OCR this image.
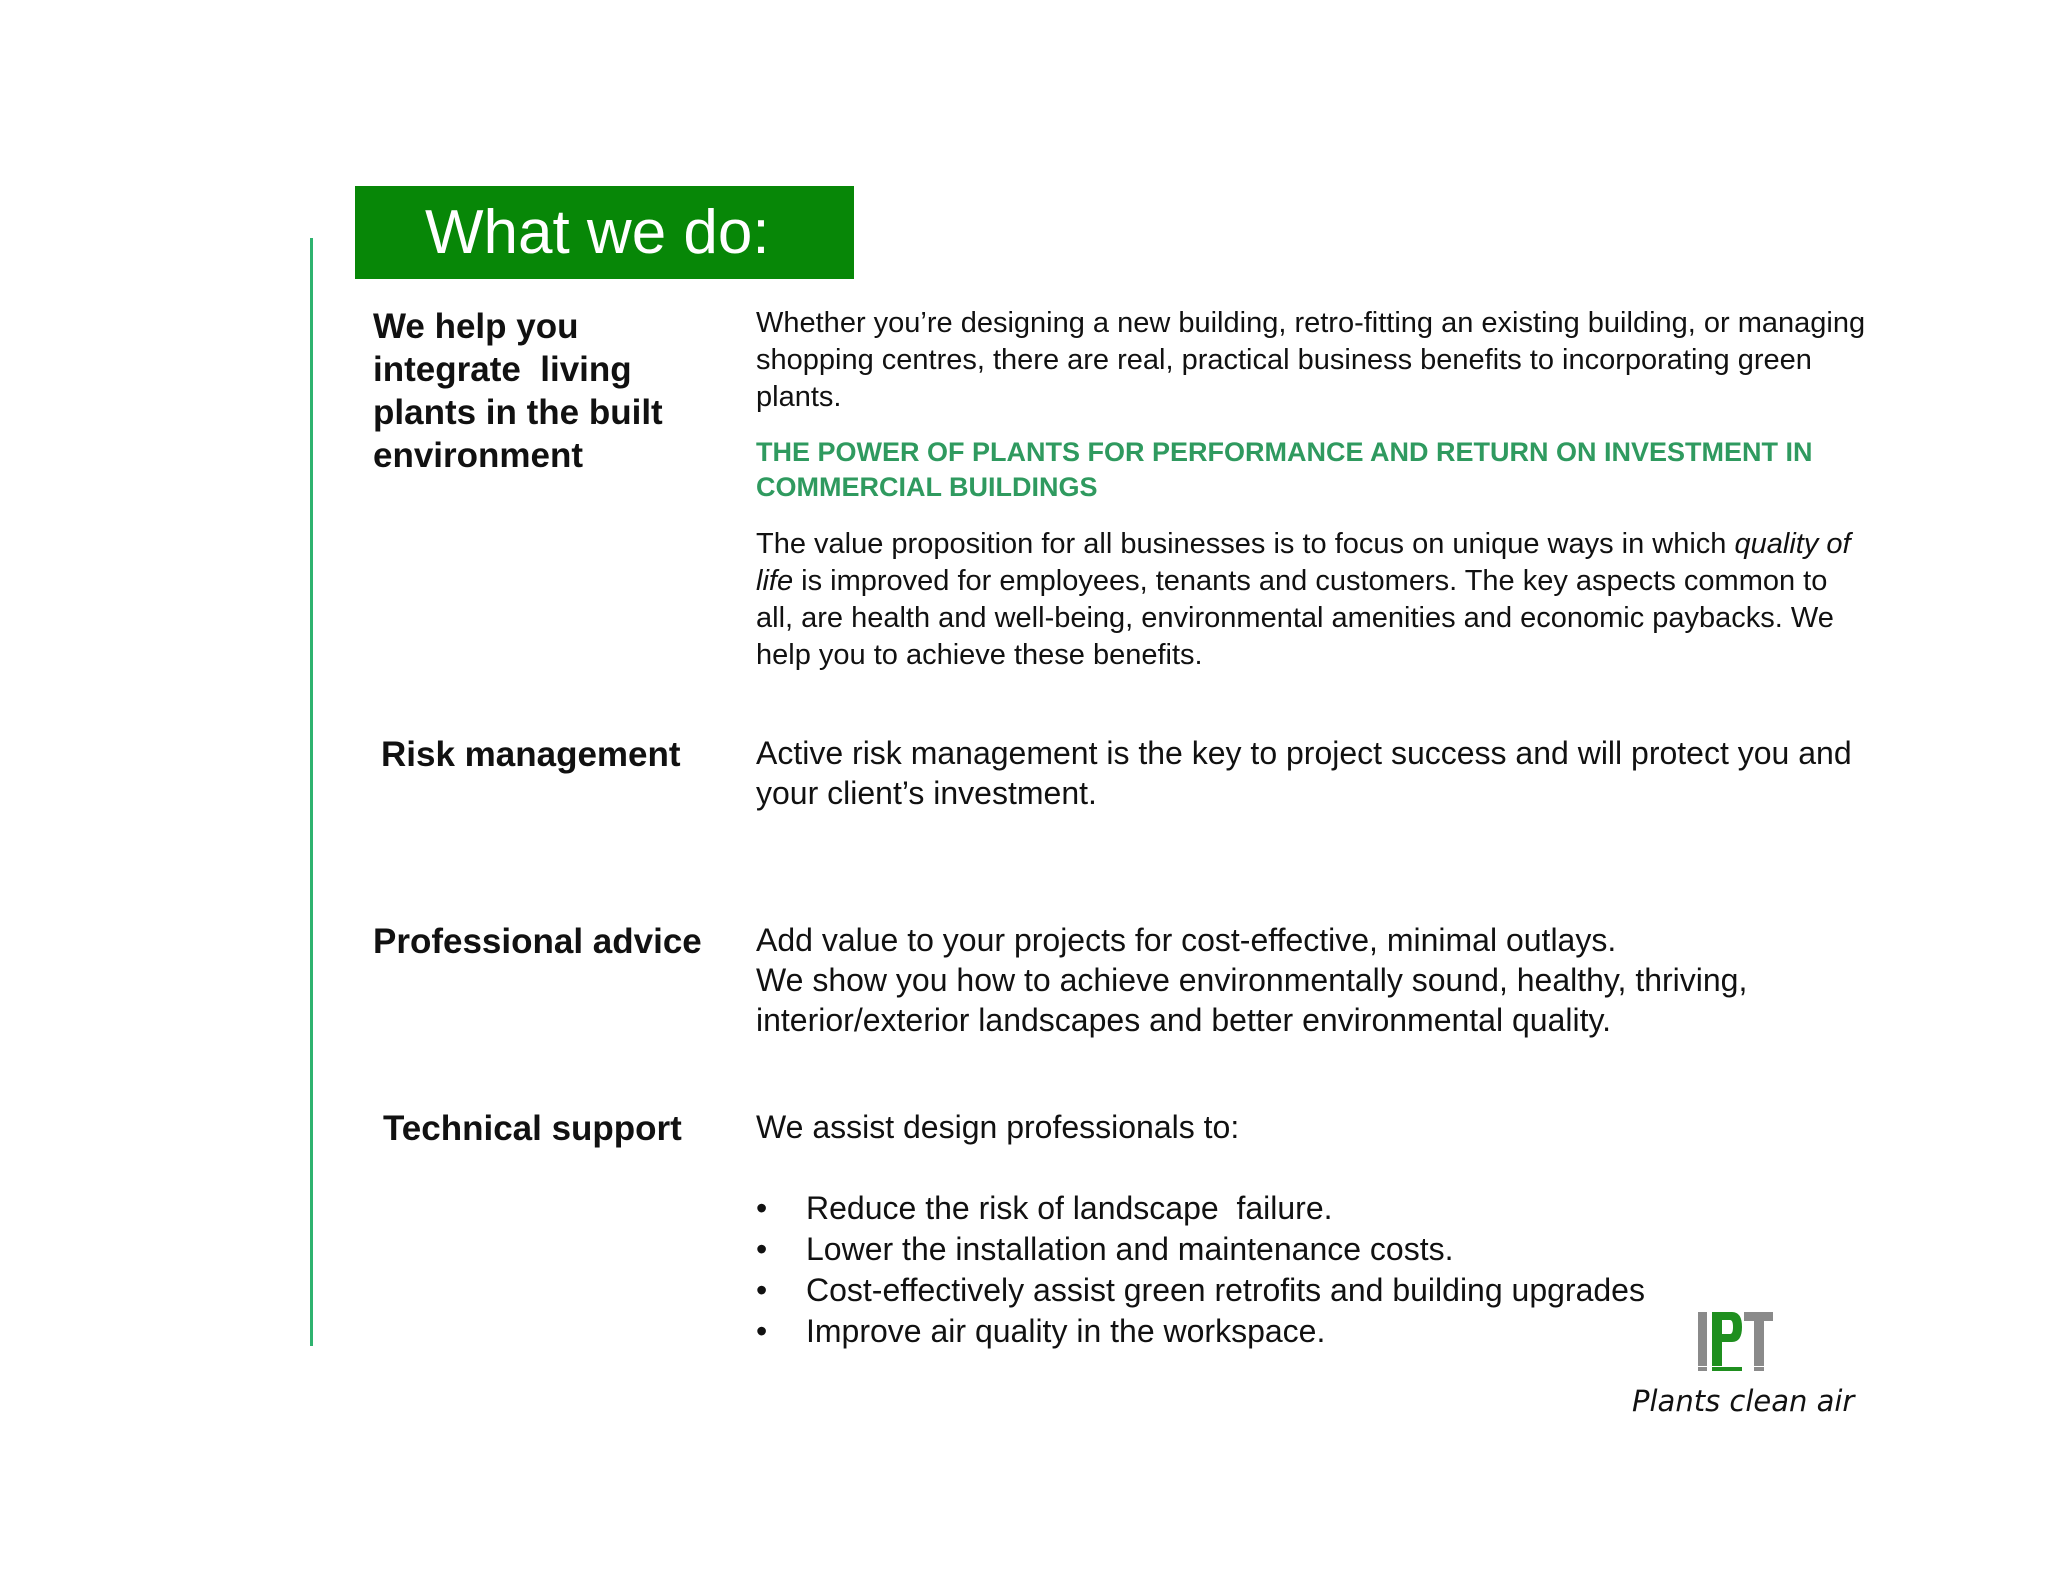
What we do:
We help you
integrate  living
plants in the built
environment
Whether you’re designing a new building, retro-fitting an existing building, or managing shopping centres, there are real, practical business benefits to incorporating green plants.
THE POWER OF PLANTS FOR PERFORMANCE AND RETURN ON INVESTMENT IN COMMERCIAL BUILDINGS
The value proposition for all businesses is to focus on unique ways in which quality of life is improved for employees, tenants and customers. The key aspects common to all, are health and well-being, environmental amenities and economic paybacks. We help you to achieve these benefits.
Risk management Active risk management is the key to project success and will protect you and your client’s investment.
Professional advice Add value to your projects for cost-effective, minimal outlays.
We show you how to achieve environmentally sound, healthy, thriving, interior/exterior landscapes and better environmental quality.
Technical support We assist design professionals to:
• Reduce the risk of landscape  failure.
• Lower the installation and maintenance costs.
• Cost-effectively assist green retrofits and building upgrades
• Improve air quality in the workspace.
Plants clean air
